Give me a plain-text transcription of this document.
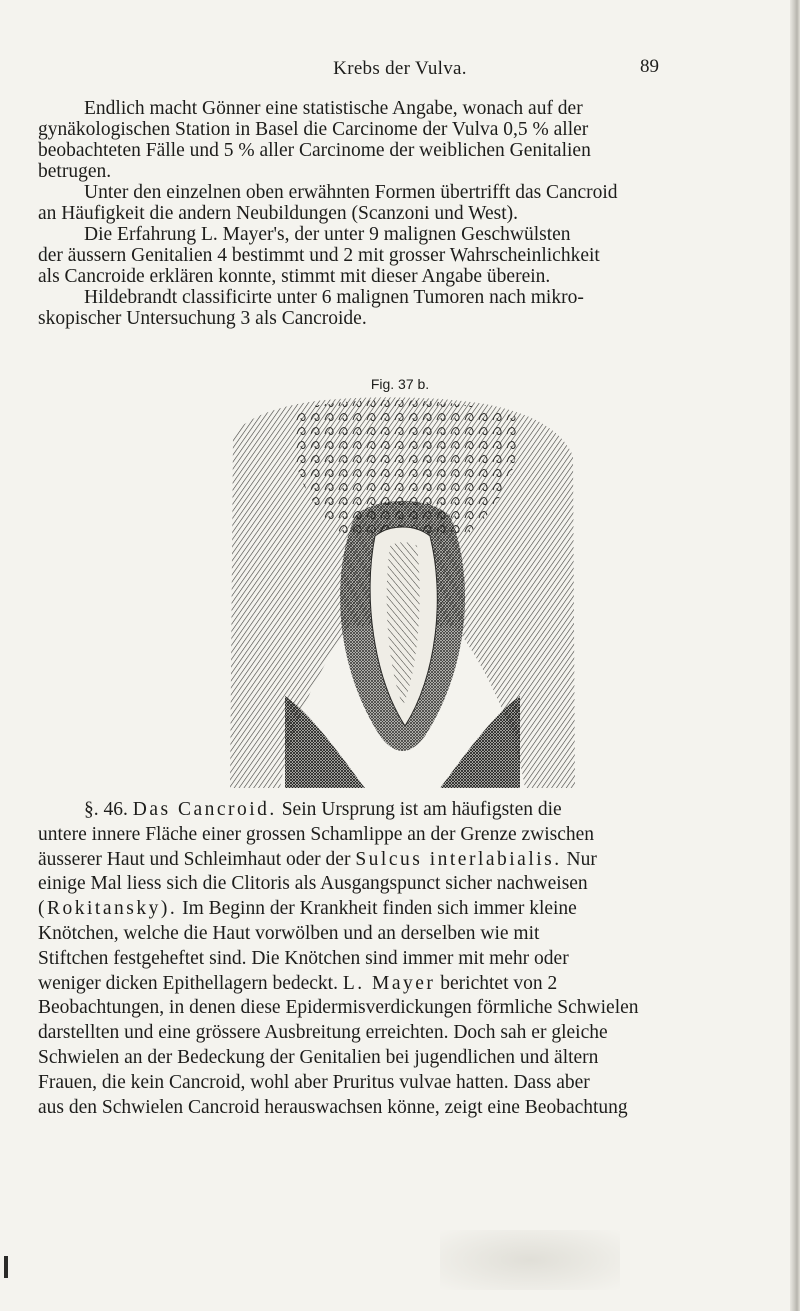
Krebs der Vulva.	89
Endlich macht Gönner eine statistische Angabe, wonach auf der
gynäkologischen Station in Basel die Carcinome der Vulva 0,5 % aller
beobachteten Fälle und 5 % aller Carcinome der weiblichen Genitalien
betrugen.
Unter den einzelnen oben erwähnten Formen übertrifft das Cancroid
an Häufigkeit die andern Neubildungen (Scanzoni und West).
Die Erfahrung L. Mayer's, der unter 9 malignen Geschwülsten
der äussern Genitalien 4 bestimmt und 2 mit grosser Wahrscheinlichkeit
als Cancroide erklären konnte, stimmt mit dieser Angabe überein.
Hildebrandt classificirte unter 6 malignen Tumoren nach mikro-
skopischer Untersuchung 3 als Cancroide.
Fig. 37 b.
§. 46. Das Cancroid. Sein Ursprung ist am häufigsten die
untere innere Fläche einer grossen Schamlippe an der Grenze zwischen
äusserer Haut und Schleimhaut oder der Sulcus interlabialis. Nur
einige Mal liess sich die Clitoris als Ausgangspunct sicher nachweisen
(Rokitansky). Im Beginn der Krankheit finden sich immer kleine
Knötchen, welche die Haut vorwölben und an derselben wie mit
Stiftchen festgeheftet sind. Die Knötchen sind immer mit mehr oder
weniger dicken Epithellagern bedeckt. L. Mayer berichtet von 2
Beobachtungen, in denen diese Epidermisverdickungen förmliche Schwielen
darstellten und eine grössere Ausbreitung erreichten. Doch sah er gleiche
Schwielen an der Bedeckung der Genitalien bei jugendlichen und ältern
Frauen, die kein Cancroid, wohl aber Pruritus vulvae hatten. Dass aber
aus den Schwielen Cancroid herauswachsen könne, zeigt eine Beobachtung
